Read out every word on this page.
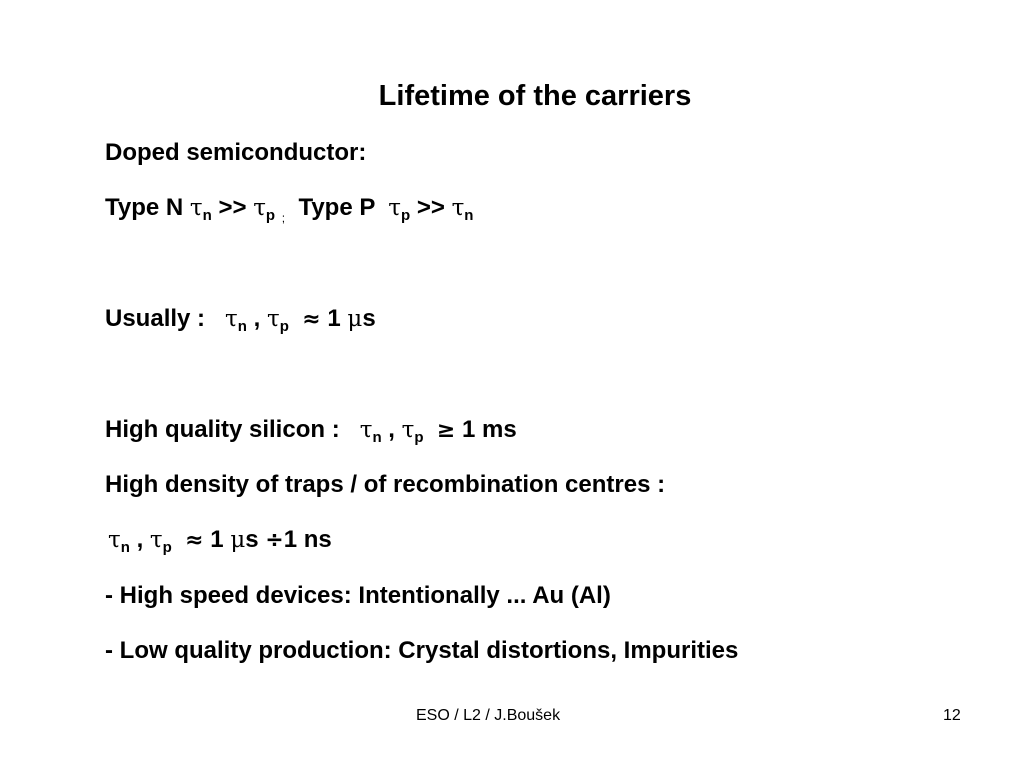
Lifetime of the carriers
Doped semiconductor:
Type N $\tau_n >> \tau_p$ $_;$ Type P $\tau_p >> \tau_n$
Usually : $\tau_n$ , $\tau_p \approx 1$ μs
High quality silicon : $\tau_n$ , $\tau_p \ge 1$ ms
High density of traps / of recombination centres :
$\tau_n$ , $\tau_p \approx 1$ μs ÷1 ns
- High speed devices: Intentionally ... Au (Al)
- Low quality production: Crystal distortions, Impurities
ESO / L2 / J.Boušek	12
